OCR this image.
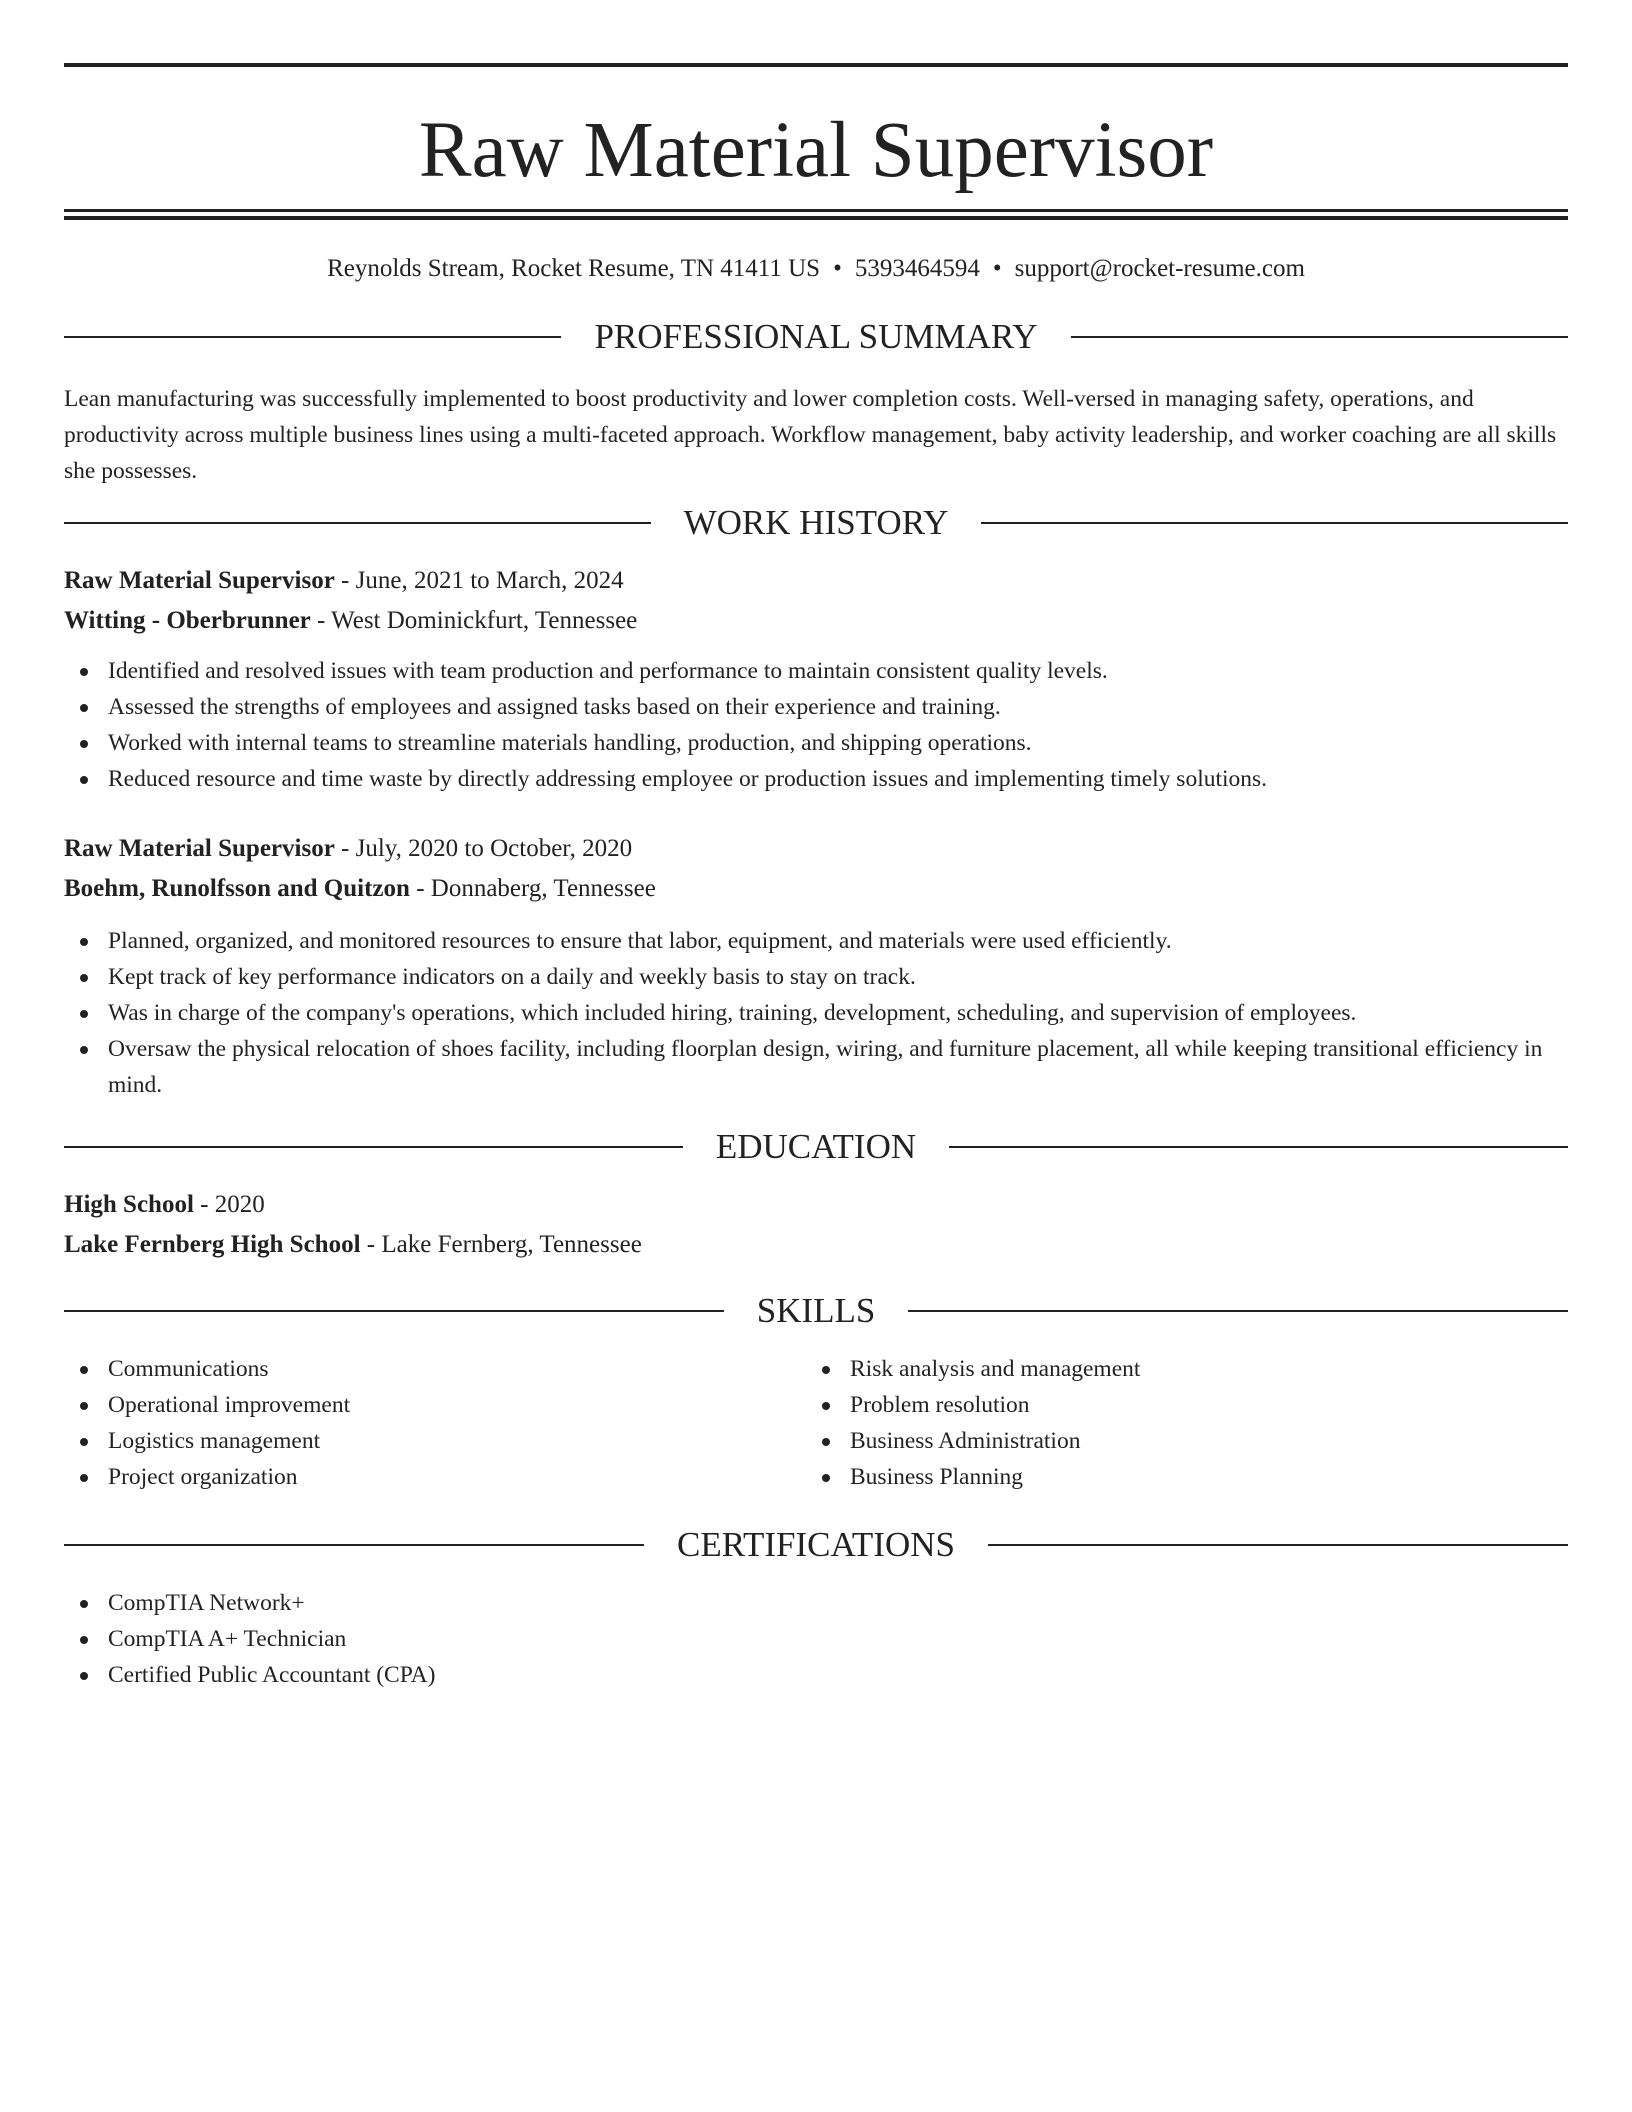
Raw Material Supervisor
Reynolds Stream, Rocket Resume, TN 41411 US • 5393464594 • support@rocket-resume.com
PROFESSIONAL SUMMARY
Lean manufacturing was successfully implemented to boost productivity and lower completion costs. Well-versed in managing safety, operations, and productivity across multiple business lines using a multi-faceted approach. Workflow management, baby activity leadership, and worker coaching are all skills she possesses.
WORK HISTORY
Raw Material Supervisor - June, 2021 to March, 2024
Witting - Oberbrunner - West Dominickfurt, Tennessee
Identified and resolved issues with team production and performance to maintain consistent quality levels.
Assessed the strengths of employees and assigned tasks based on their experience and training.
Worked with internal teams to streamline materials handling, production, and shipping operations.
Reduced resource and time waste by directly addressing employee or production issues and implementing timely solutions.
Raw Material Supervisor - July, 2020 to October, 2020
Boehm, Runolfsson and Quitzon - Donnaberg, Tennessee
Planned, organized, and monitored resources to ensure that labor, equipment, and materials were used efficiently.
Kept track of key performance indicators on a daily and weekly basis to stay on track.
Was in charge of the company's operations, which included hiring, training, development, scheduling, and supervision of employees.
Oversaw the physical relocation of shoes facility, including floorplan design, wiring, and furniture placement, all while keeping transitional efficiency in mind.
EDUCATION
High School - 2020
Lake Fernberg High School - Lake Fernberg, Tennessee
SKILLS
Communications
Operational improvement
Logistics management
Project organization
Risk analysis and management
Problem resolution
Business Administration
Business Planning
CERTIFICATIONS
CompTIA Network+
CompTIA A+ Technician
Certified Public Accountant (CPA)
